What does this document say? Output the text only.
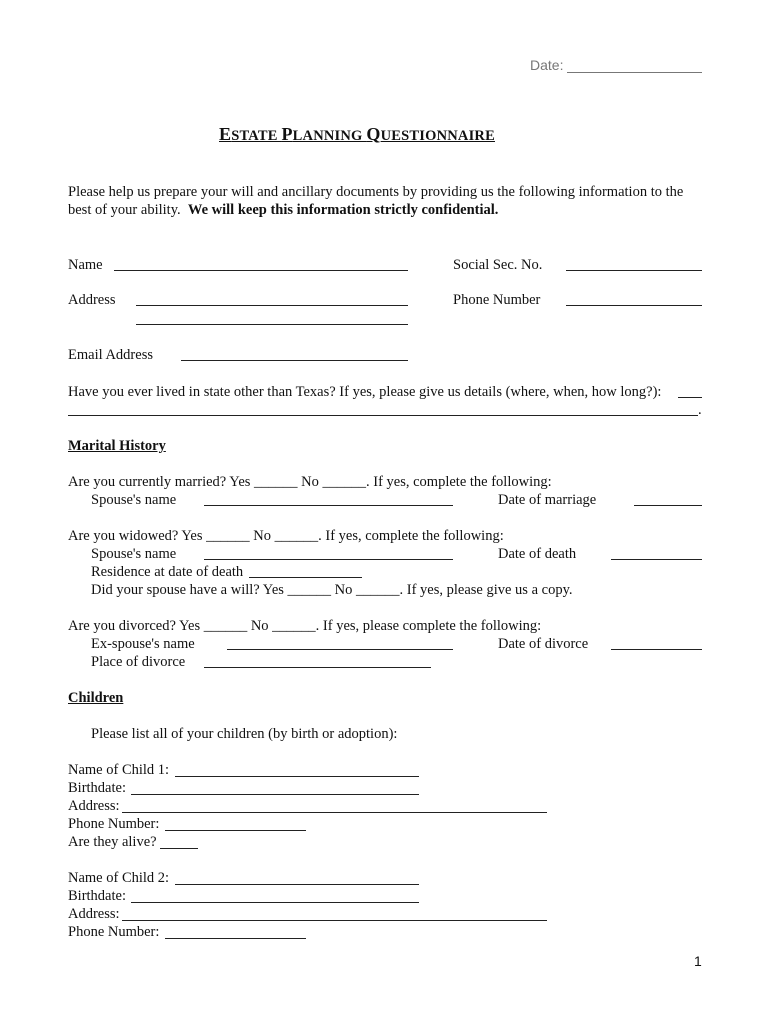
Date:
ESTATE PLANNING QUESTIONNAIRE
Please help us prepare your will and ancillary documents by providing us the following information to the
best of your ability. We will keep this information strictly confidential.
Name	Social Sec. No.
Address	Phone Number
Email Address
Have you ever lived in state other than Texas? If yes, please give us details (where, when, how long?):
.
Marital History
Are you currently married? Yes ______ No ______. If yes, complete the following:
Spouse's name	Date of marriage
Are you widowed? Yes ______ No ______. If yes, complete the following:
Spouse's name	Date of death
Residence at date of death
Did your spouse have a will? Yes ______ No ______. If yes, please give us a copy.
Are you divorced? Yes ______ No ______. If yes, please complete the following:
Ex-spouse's name	Date of divorce
Place of divorce
Children
Please list all of your children (by birth or adoption):
Name of Child 1:
Birthdate:
Address:
Phone Number:
Are they alive?
Name of Child 2:
Birthdate:
Address:
Phone Number:
1
